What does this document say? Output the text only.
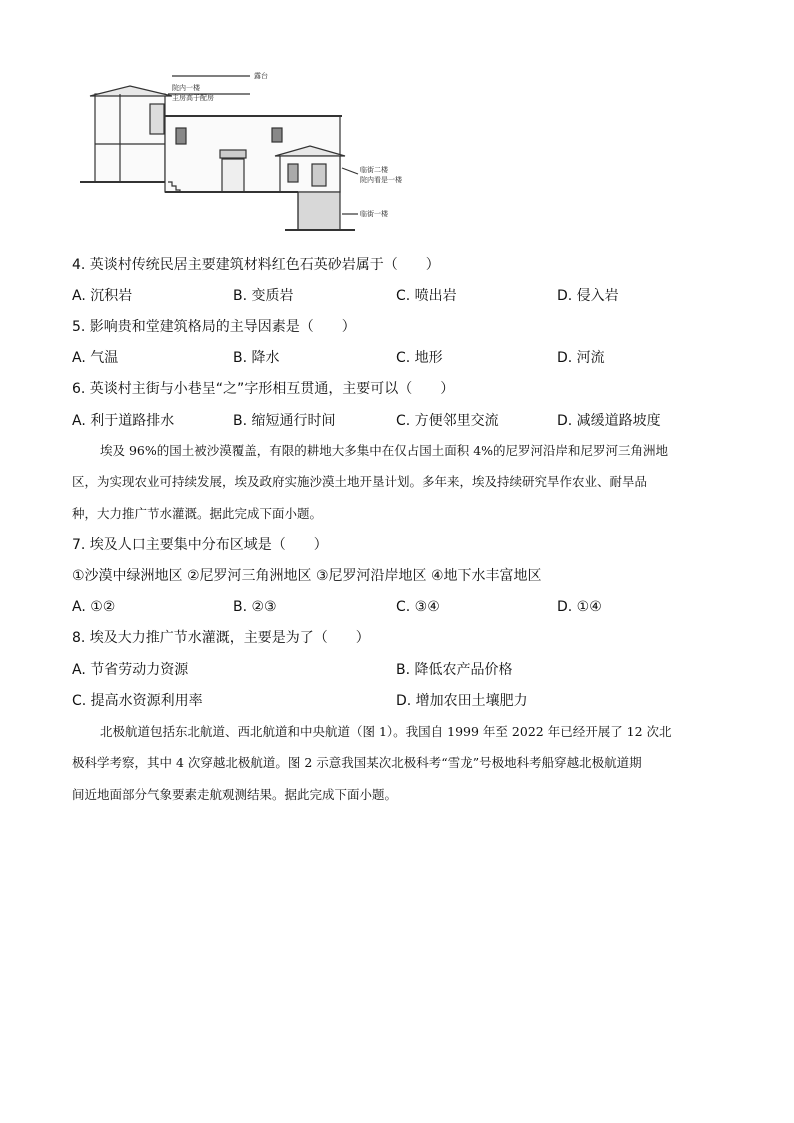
露台
院内一楼
主房高于配房
临街二楼
院内看是一楼
临街一楼
4. 英谈村传统民居主要建筑材料红色石英砂岩属于（　　）
A. 沉积岩	B. 变质岩	C. 喷出岩	D. 侵入岩
5. 影响贵和堂建筑格局的主导因素是（　　）
A. 气温	B. 降水	C. 地形	D. 河流
6. 英谈村主街与小巷呈“之”字形相互贯通，主要可以（　　）
A. 利于道路排水	B. 缩短通行时间	C. 方便邻里交流	D. 减缓道路坡度
埃及 96%的国土被沙漠覆盖，有限的耕地大多集中在仅占国土面积 4%的尼罗河沿岸和尼罗河三角洲地
区，为实现农业可持续发展，埃及政府实施沙漠土地开垦计划。多年来，埃及持续研究旱作农业、耐旱品
种，大力推广节水灌溉。据此完成下面小题。
7. 埃及人口主要集中分布区域是（　　）
①沙漠中绿洲地区 ②尼罗河三角洲地区 ③尼罗河沿岸地区 ④地下水丰富地区
A. ①②	B. ②③	C. ③④	D. ①④
8. 埃及大力推广节水灌溉，主要是为了（　　）
A. 节省劳动力资源	B. 降低农产品价格
C. 提高水资源利用率	D. 增加农田土壤肥力
北极航道包括东北航道、西北航道和中央航道（图 1）。我国自 1999 年至 2022 年已经开展了 12 次北
极科学考察，其中 4 次穿越北极航道。图 2 示意我国某次北极科考“雪龙”号极地科考船穿越北极航道期
间近地面部分气象要素走航观测结果。据此完成下面小题。
